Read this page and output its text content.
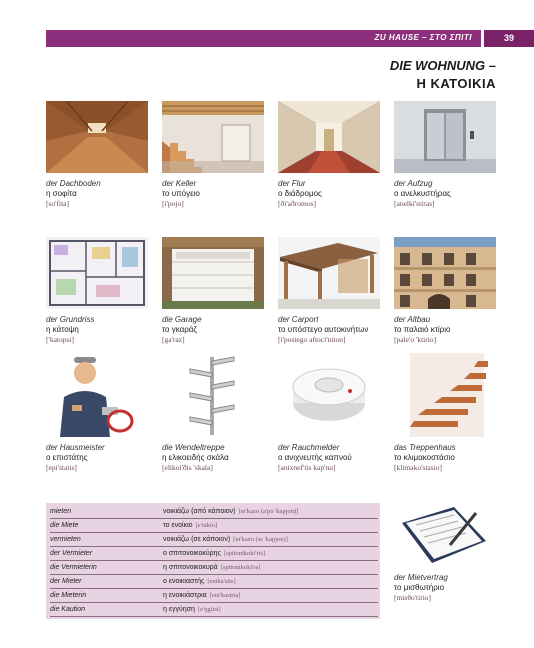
ZU HAUSE – ΣΤΟ ΣΠΙΤΙ	39
DIE WOHNUNG –
Η ΚΑΤΟΙΚΙΑ
der Dachboden
η σοφίτα
[so'fita]
der Keller
το υπόγειο
[i'pojo]
der Flur
ο διάδρομος
[ði'aðromos]
der Aufzug
ο ανελκυστήρας
[anelki'stiras]
der Grundriss
η κάτοψη
['katopsi]
die Garage
το γκαράζ
[ga'raz]
der Carport
το υπόστεγο αυτοκινήτων
[i'postego aftoci'niton]
der Altbau
το παλαιό κτίριο
[pale'o 'ktirio]
der Hausmeister
ο επιστάτης
[epi'statis]
die Wendeltreppe
η ελικοειδής σκάλα
[elikoi'ðis 'skala]
der Rauchmelder
ο ανιχνευτής καπνού
[anixnef'tis kap'nu]
das Treppenhaus
το κλιμακοστάσιο
[klimako'stasio]
mieten	νοικιάζω (από κάποιον) [ni'kazo (a'po 'kapjon)]
die Miete	το ενοίκιο [e'nikio]
vermieten	νοικιάζω (σε κάποιον) [ni'kazo (se 'kapjon)]
der Vermieter	ο σπιτονοικοκύρης [spitonikoki'ris]
die Vermieterin	η σπιτονοικοκυρά [spitonikoki'ra]
der Mieter	ο ενοικιαστής [enika'stis]
die Mieterin	η ενοικιάστρια [eni'kastria]
die Kaution	η εγγύηση [e'ŋgiisi]
der Mietvertrag
το μισθωτήριο
[misθo'tirio]
